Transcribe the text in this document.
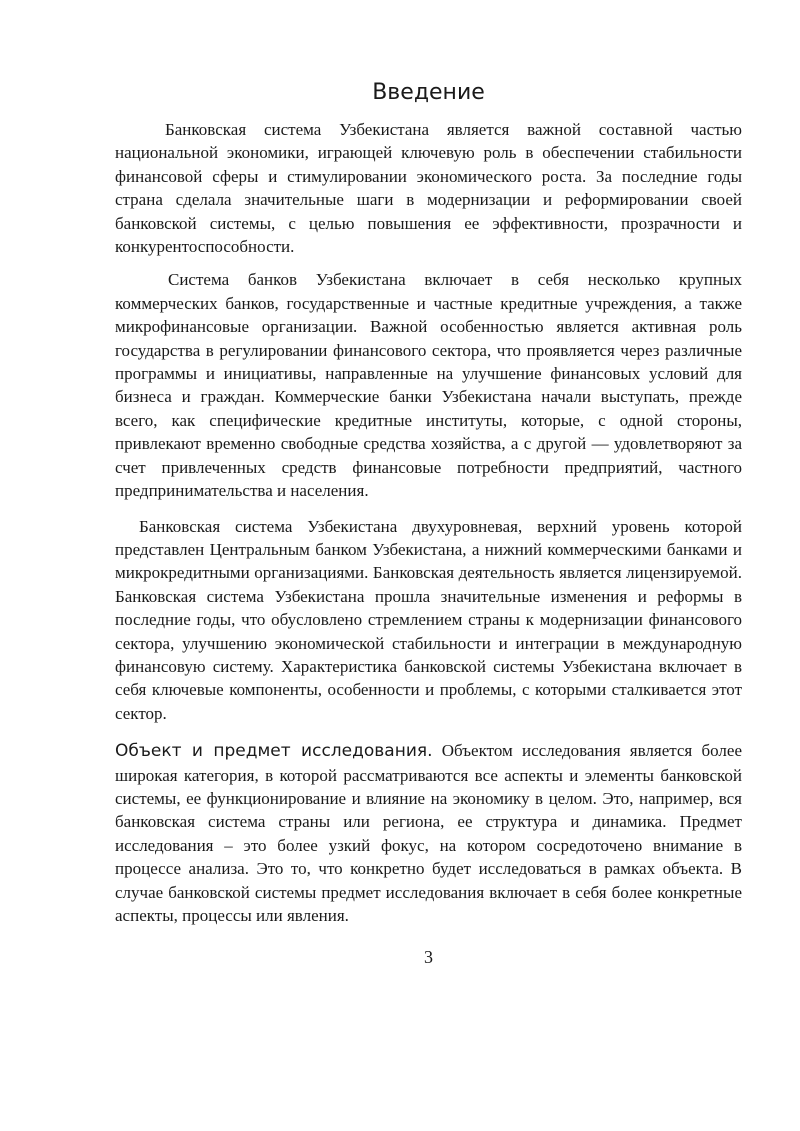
Введение

Банковская система Узбекистана является важной составной частью национальной экономики, играющей ключевую роль в обеспечении стабильности финансовой сферы и стимулировании экономического роста. За последние годы страна сделала значительные шаги в модернизации и реформировании своей банковской системы, с целью повышения ее эффективности, прозрачности и конкурентоспособности.

Система банков Узбекистана включает в себя несколько крупных коммерческих банков, государственные и частные кредитные учреждения, а также микрофинансовые организации. Важной особенностью является активная роль государства в регулировании финансового сектора, что проявляется через различные программы и инициативы, направленные на улучшение финансовых условий для бизнеса и граждан. Коммерческие банки Узбекистана начали выступать, прежде всего, как специфические кредитные институты, которые, с одной стороны, привлекают временно свободные средства хозяйства, а с другой — удовлетворяют за счет привлеченных средств финансовые потребности предприятий, частного предпринимательства и населения.

Банковская система Узбекистана двухуровневая, верхний уровень которой представлен Центральным банком Узбекистана, а нижний коммерческими банками и микрокредитными организациями. Банковская деятельность является лицензируемой. Банковская система Узбекистана прошла значительные изменения и реформы в последние годы, что обусловлено стремлением страны к модернизации финансового сектора, улучшению экономической стабильности и интеграции в международную финансовую систему. Характеристика банковской системы Узбекистана включает в себя ключевые компоненты, особенности и проблемы, с которыми сталкивается этот сектор.

Объект и предмет исследования. Объектом исследования является более широкая категория, в которой рассматриваются все аспекты и элементы банковской системы, ее функционирование и влияние на экономику в целом. Это, например, вся банковская система страны или региона, ее структура и динамика. Предмет исследования – это более узкий фокус, на котором сосредоточено внимание в процессе анализа. Это то, что конкретно будет исследоваться в рамках объекта. В случае банковской системы предмет исследования включает в себя более конкретные аспекты, процессы или явления.

3
